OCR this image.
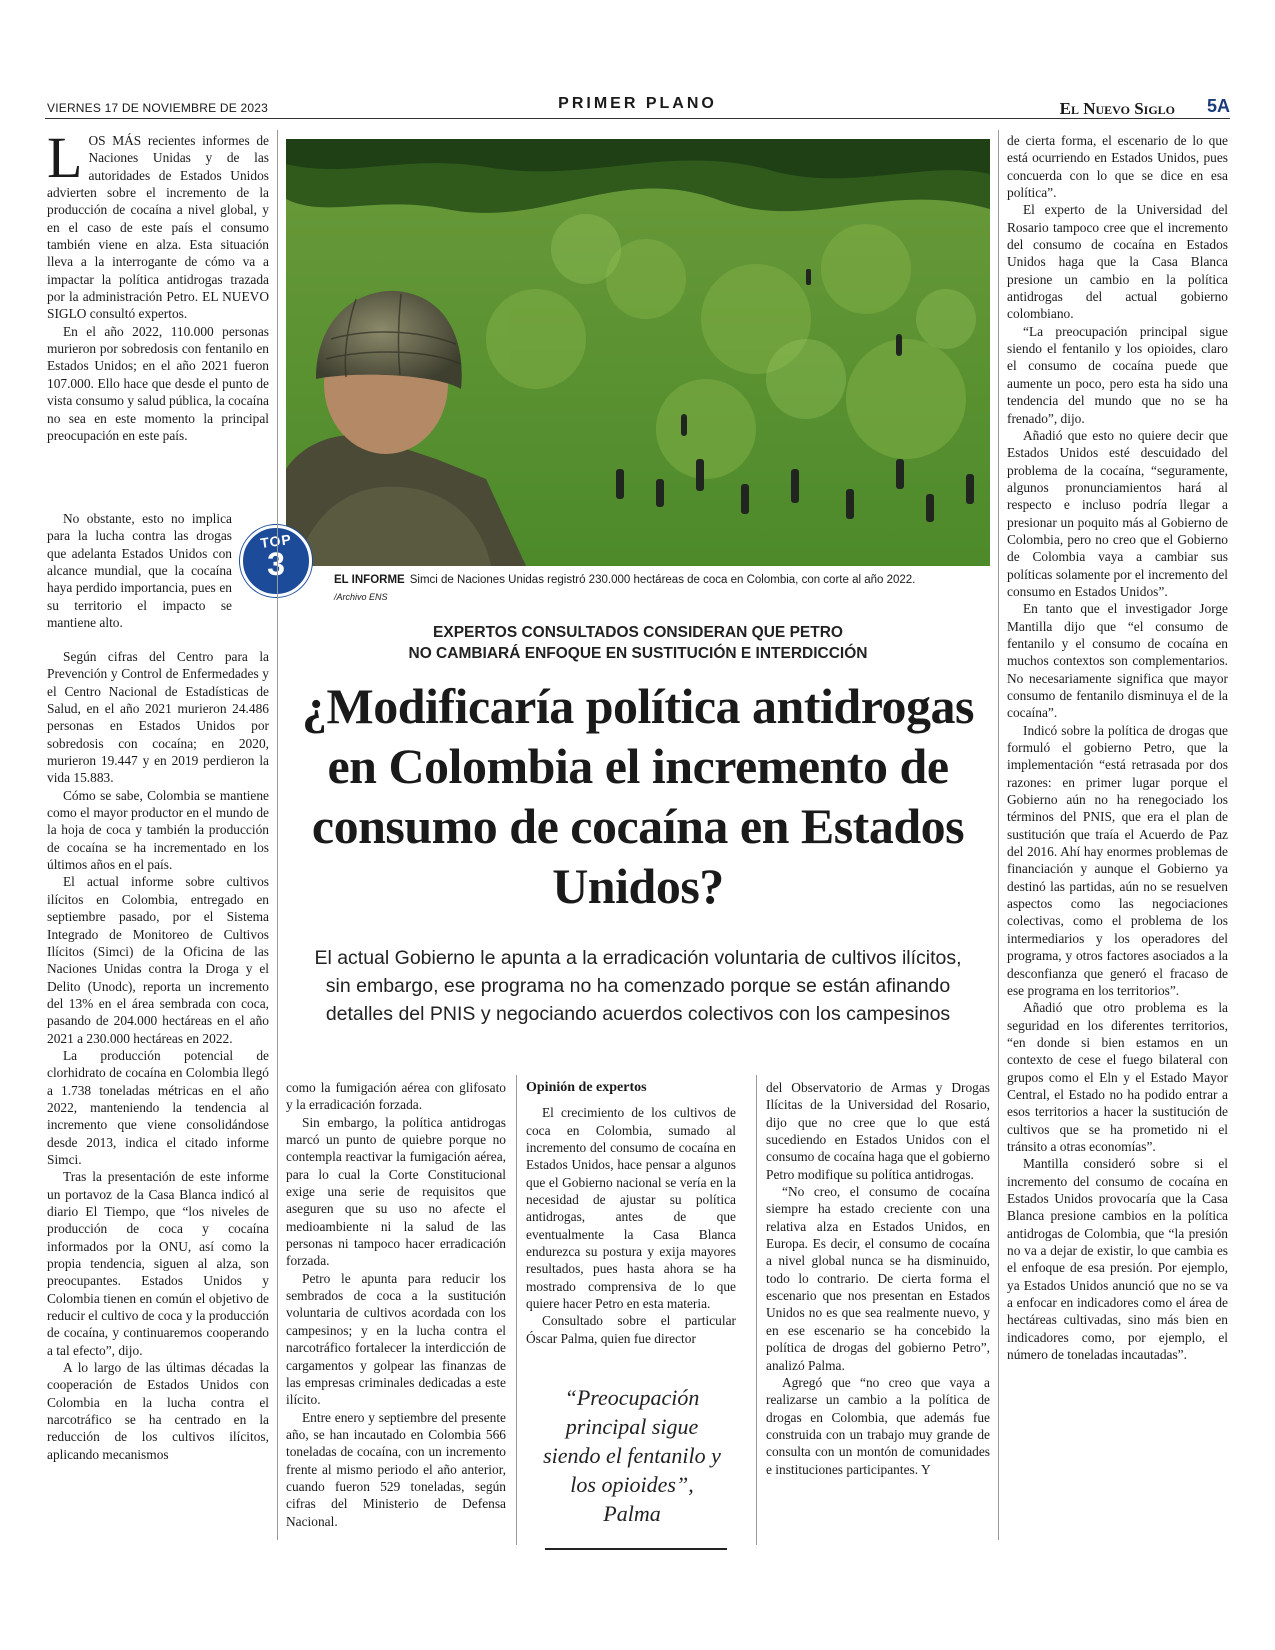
VIERNES 17 DE NOVIEMBRE DE 2023	PRIMER PLANO	El Nuevo Siglo 5A

LOS MÁS recientes informes de Naciones Unidas y de las autoridades de Estados Unidos advierten sobre el incremento de la producción de cocaína a nivel global, y en el caso de este país el consumo también viene en alza. Esta situación lleva a la interrogante de cómo va a impactar la política antidrogas trazada por la administración Petro. EL NUEVO SIGLO consultó expertos.

En el año 2022, 110.000 personas murieron por sobredosis con fentanilo en Estados Unidos; en el año 2021 fueron 107.000. Ello hace que desde el punto de vista consumo y salud pública, la cocaína no sea en este momento la principal preocupación en este país.

No obstante, esto no implica para la lucha contra las drogas que adelanta Estados Unidos con alcance mundial, que la cocaína haya perdido importancia, pues en su territorio el impacto se mantiene alto.

Según cifras del Centro para la Prevención y Control de Enfermedades y el Centro Nacional de Estadísticas de Salud, en el año 2021 murieron 24.486 personas en Estados Unidos por sobredosis con cocaína; en 2020, murieron 19.447 y en 2019 perdieron la vida 15.883.

Cómo se sabe, Colombia se mantiene como el mayor productor en el mundo de la hoja de coca y también la producción de cocaína se ha incrementado en los últimos años en el país.

El actual informe sobre cultivos ilícitos en Colombia, entregado en septiembre pasado, por el Sistema Integrado de Monitoreo de Cultivos Ilícitos (Simci) de la Oficina de las Naciones Unidas contra la Droga y el Delito (Unodc), reporta un incremento del 13% en el área sembrada con coca, pasando de 204.000 hectáreas en el año 2021 a 230.000 hectáreas en 2022.

La producción potencial de clorhidrato de cocaína en Colombia llegó a 1.738 toneladas métricas en el año 2022, manteniendo la tendencia al incremento que viene consolidándose desde 2013, indica el citado informe Simci.

Tras la presentación de este informe un portavoz de la Casa Blanca indicó al diario El Tiempo, que “los niveles de producción de coca y cocaína informados por la ONU, así como la propia tendencia, siguen al alza, son preocupantes. Estados Unidos y Colombia tienen en común el objetivo de reducir el cultivo de coca y la producción de cocaína, y continuaremos cooperando a tal efecto”, dijo.

A lo largo de las últimas décadas la cooperación de Estados Unidos con Colombia en la lucha contra el narcotráfico se ha centrado en la reducción de los cultivos ilícitos, aplicando mecanismos

TOP
3	EL INFORME Simci de Naciones Unidas registró 230.000 hectáreas de coca en Colombia, con corte al año 2022.
/Archivo ENS
EXPERTOS CONSULTADOS CONSIDERAN QUE PETRO
NO CAMBIARÁ ENFOQUE EN SUSTITUCIÓN E INTERDICCIÓN
¿Modificaría política antidrogas en Colombia el incremento de consumo de cocaína en Estados Unidos?
El actual Gobierno le apunta a la erradicación voluntaria de cultivos ilícitos, sin embargo, ese programa no ha comenzado porque se están afinando detalles del PNIS y negociando acuerdos colectivos con los campesinos

como la fumigación aérea con glifosato y la erradicación forzada.

Sin embargo, la política antidrogas marcó un punto de quiebre porque no contempla reactivar la fumigación aérea, para lo cual la Corte Constitucional exige una serie de requisitos que aseguren que su uso no afecte el medioambiente ni la salud de las personas ni tampoco hacer erradicación forzada.

Petro le apunta para reducir los sembrados de coca a la sustitución voluntaria de cultivos acordada con los campesinos; y en la lucha contra el narcotráfico fortalecer la interdicción de cargamentos y golpear las finanzas de las empresas criminales dedicadas a este ilícito.

Entre enero y septiembre del presente año, se han incautado en Colombia 566 toneladas de cocaína, con un incremento frente al mismo periodo el año anterior, cuando fueron 529 toneladas, según cifras del Ministerio de Defensa Nacional.

Opinión de expertos

El crecimiento de los cultivos de coca en Colombia, sumado al incremento del consumo de cocaína en Estados Unidos, hace pensar a algunos que el Gobierno nacional se vería en la necesidad de ajustar su política antidrogas, antes de que eventualmente la Casa Blanca endurezca su postura y exija mayores resultados, pues hasta ahora se ha mostrado comprensiva de lo que quiere hacer Petro en esta materia.

Consultado sobre el particular Óscar Palma, quien fue director

“Preocupación principal sigue siendo el fentanilo y los opioides”, Palma

del Observatorio de Armas y Drogas Ilícitas de la Universidad del Rosario, dijo que no cree que lo que está sucediendo en Estados Unidos con el consumo de cocaína haga que el gobierno Petro modifique su política antidrogas.

“No creo, el consumo de cocaína siempre ha estado creciente con una relativa alza en Estados Unidos, en Europa. Es decir, el consumo de cocaína a nivel global nunca se ha disminuido, todo lo contrario. De cierta forma el escenario que nos presentan en Estados Unidos no es que sea realmente nuevo, y en ese escenario se ha concebido la política de drogas del gobierno Petro”, analizó Palma.

Agregó que “no creo que vaya a realizarse un cambio a la política de drogas en Colombia, que además fue construida con un trabajo muy grande de consulta con un montón de comunidades e instituciones participantes. Y

de cierta forma, el escenario de lo que está ocurriendo en Estados Unidos, pues concuerda con lo que se dice en esa política”.

El experto de la Universidad del Rosario tampoco cree que el incremento del consumo de cocaína en Estados Unidos haga que la Casa Blanca presione un cambio en la política antidrogas del actual gobierno colombiano.

“La preocupación principal sigue siendo el fentanilo y los opioides, claro el consumo de cocaína puede que aumente un poco, pero esta ha sido una tendencia del mundo que no se ha frenado”, dijo.

Añadió que esto no quiere decir que Estados Unidos esté descuidado del problema de la cocaína, “seguramente, algunos pronunciamientos hará al respecto e incluso podría llegar a presionar un poquito más al Gobierno de Colombia, pero no creo que el Gobierno de Colombia vaya a cambiar sus políticas solamente por el incremento del consumo en Estados Unidos”.

En tanto que el investigador Jorge Mantilla dijo que “el consumo de fentanilo y el consumo de cocaína en muchos contextos son complementarios. No necesariamente significa que mayor consumo de fentanilo disminuya el de la cocaína”.

Indicó sobre la política de drogas que formuló el gobierno Petro, que la implementación “está retrasada por dos razones: en primer lugar porque el Gobierno aún no ha renegociado los términos del PNIS, que era el plan de sustitución que traía el Acuerdo de Paz del 2016. Ahí hay enormes problemas de financiación y aunque el Gobierno ya destinó las partidas, aún no se resuelven aspectos como las negociaciones colectivas, como el problema de los intermediarios y los operadores del programa, y otros factores asociados a la desconfianza que generó el fracaso de ese programa en los territorios”.

Añadió que otro problema es la seguridad en los diferentes territorios, “en donde si bien estamos en un contexto de cese el fuego bilateral con grupos como el Eln y el Estado Mayor Central, el Estado no ha podido entrar a esos territorios a hacer la sustitución de cultivos que se ha prometido ni el tránsito a otras economías”.

Mantilla consideró sobre si el incremento del consumo de cocaína en Estados Unidos provocaría que la Casa Blanca presione cambios en la política antidrogas de Colombia, que “la presión no va a dejar de existir, lo que cambia es el enfoque de esa presión. Por ejemplo, ya Estados Unidos anunció que no se va a enfocar en indicadores como el área de hectáreas cultivadas, sino más bien en indicadores como, por ejemplo, el número de toneladas incautadas”.
